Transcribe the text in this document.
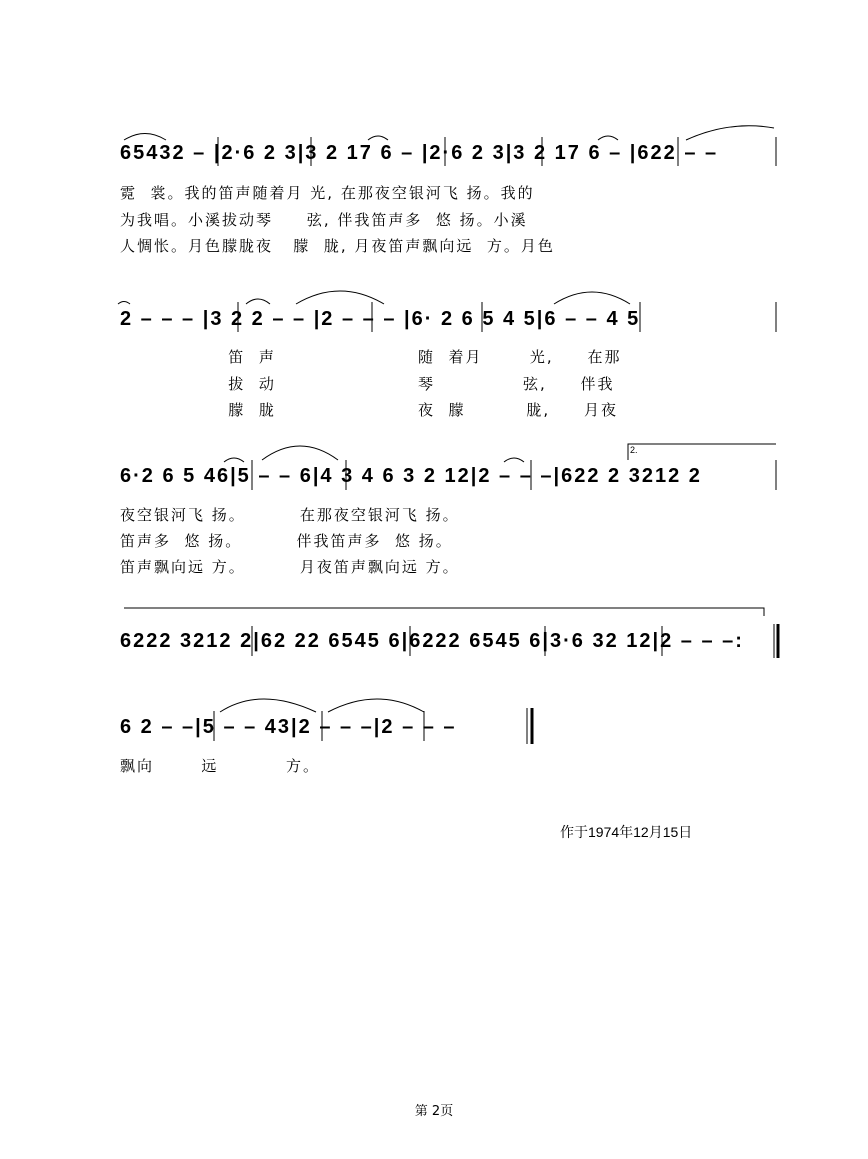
65432 – |2·6 2 3|3 2 17 6 – |2·6 2 3|3 2 17 6 – |622 – –
霓  裳。我的笛声随着月 光, 在那夜空银河飞 扬。我的
为我唱。小溪拔动琴     弦, 伴我笛声多  悠 扬。小溪
人惆怅。月色朦胧夜   朦  胧, 月夜笛声飘向远  方。月色
2 – – – |3 2 2 – – |2 – – – |6· 2 6 5 4 5|6 – – 4 5
笛  声                     随  着月       光,     在那
拔  动                     琴             弦,     伴我
朦  胧                     夜  朦         胧,     月夜
2.
6·2 6 5 46|5 – – 6|4 3 4 6 3 2 12|2 – – –|622 2 3212 2
夜空银河飞 扬。        在那夜空银河飞 扬。
笛声多  悠 扬。        伴我笛声多  悠 扬。
笛声飘向远 方。        月夜笛声飘向远 方。
6222 3212 2|62 22 6545 6|6222 6545 6|3·6 32 12|2 – – –:
6 2 – –|5 – – 43|2 – – –|2 – – –
飘向       远          方。
作于1974年12月15日
第 2页
